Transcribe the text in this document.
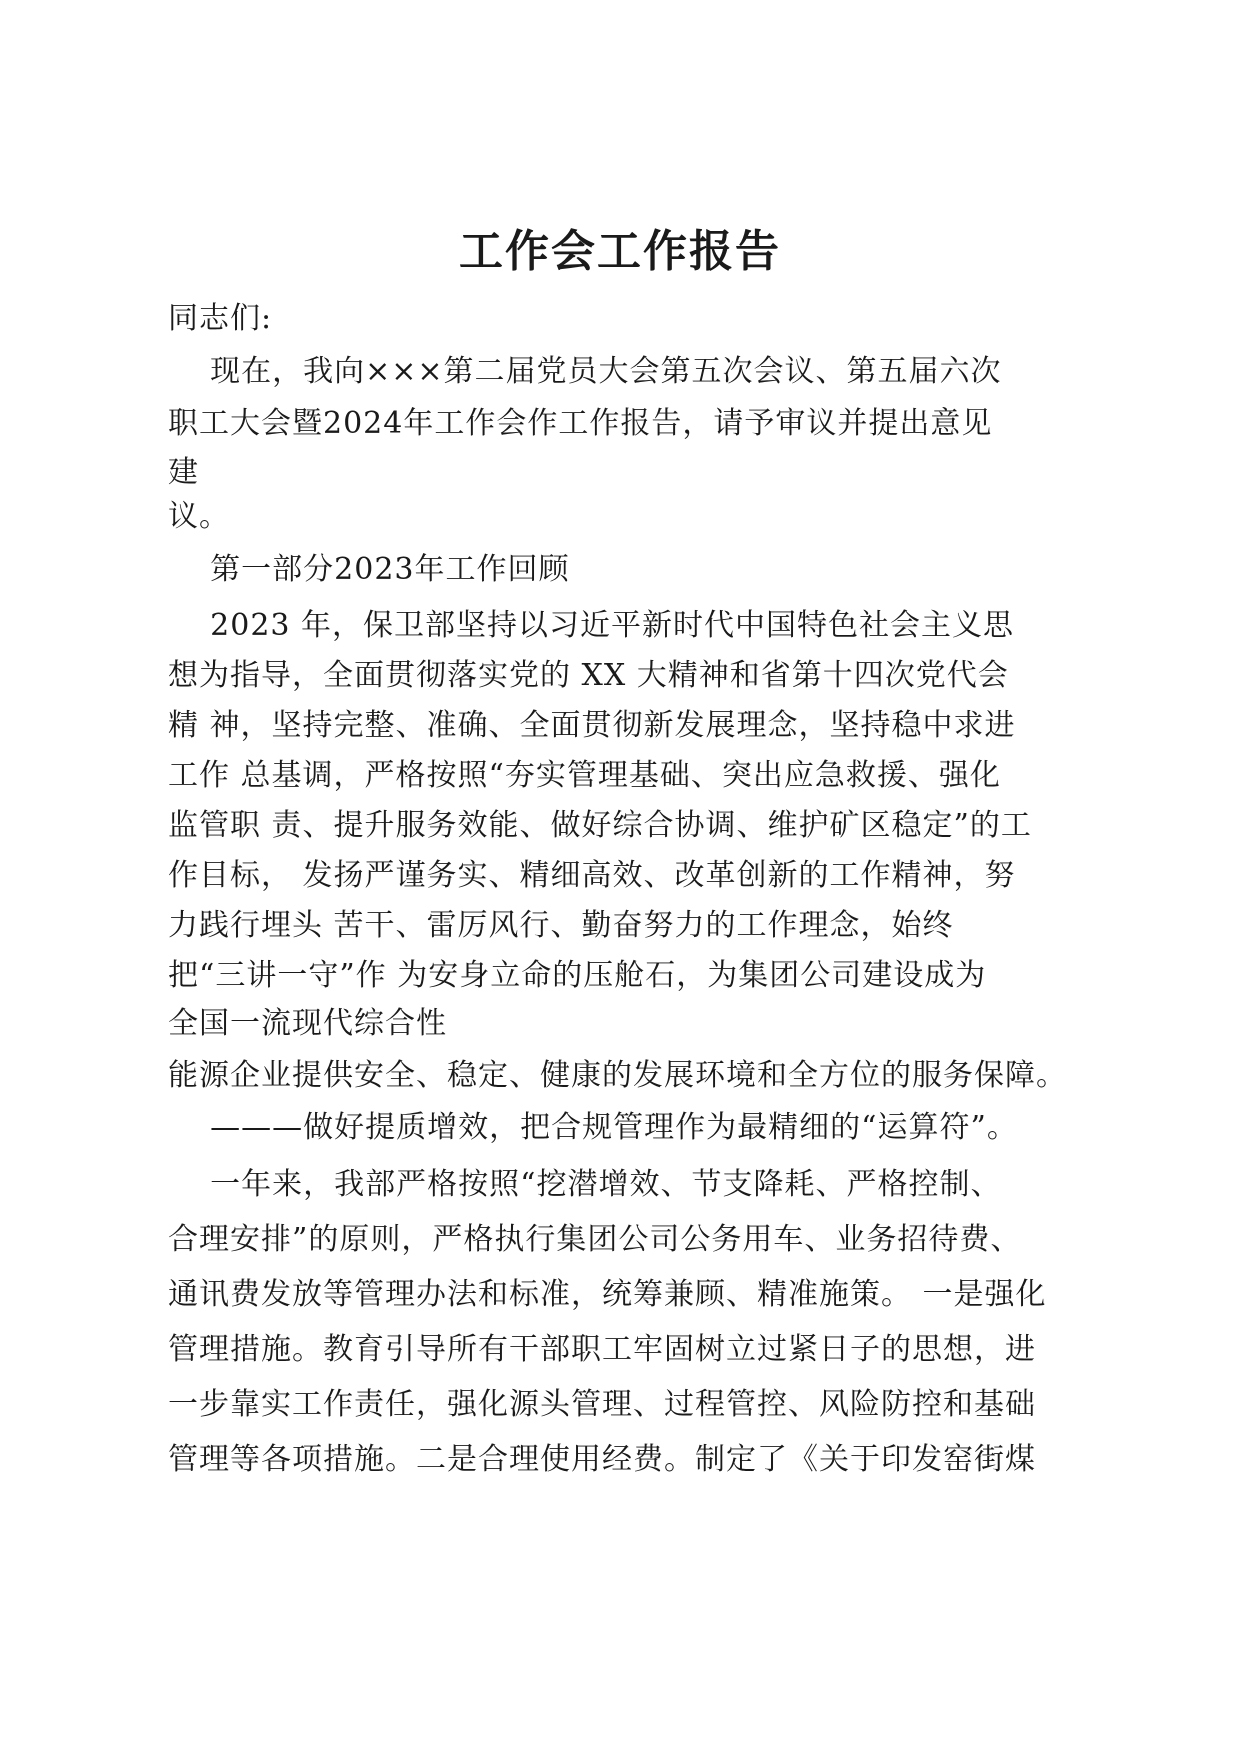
工作会工作报告

同志们:

现在，我向×××第二届党员大会第五次会议、第五届六次

职工大会暨2024年工作会作工作报告，请予审议并提出意见

建

议。

第一部分2023年工作回顾

2023 年，保卫部坚持以习近平新时代中国特色社会主义思

想为指导，全面贯彻落实党的 XX 大精神和省第十四次党代会

精 神，坚持完整、准确、全面贯彻新发展理念，坚持稳中求进

工作 总基调，严格按照“夯实管理基础、突出应急救援、强化

监管职 责、提升服务效能、做好综合协调、维护矿区稳定”的工

作目标， 发扬严谨务实、精细高效、改革创新的工作精神，努

力践行埋头 苦干、雷厉风行、勤奋努力的工作理念，始终

把“三讲一守”作 为安身立命的压舱石，为集团公司建设成为

全国一流现代综合性

能源企业提供安全、稳定、健康的发展环境和全方位的服务保障。

———做好提质增效，把合规管理作为最精细的“运算符”。

一年来，我部严格按照“挖潜增效、节支降耗、严格控制、

合理安排”的原则，严格执行集团公司公务用车、业务招待费、

通讯费发放等管理办法和标准，统筹兼顾、精准施策。 一是强化

管理措施。教育引导所有干部职工牢固树立过紧日子的思想，进

一步靠实工作责任，强化源头管理、过程管控、风险防控和基础

管理等各项措施。二是合理使用经费。制定了《关于印发窑街煤
